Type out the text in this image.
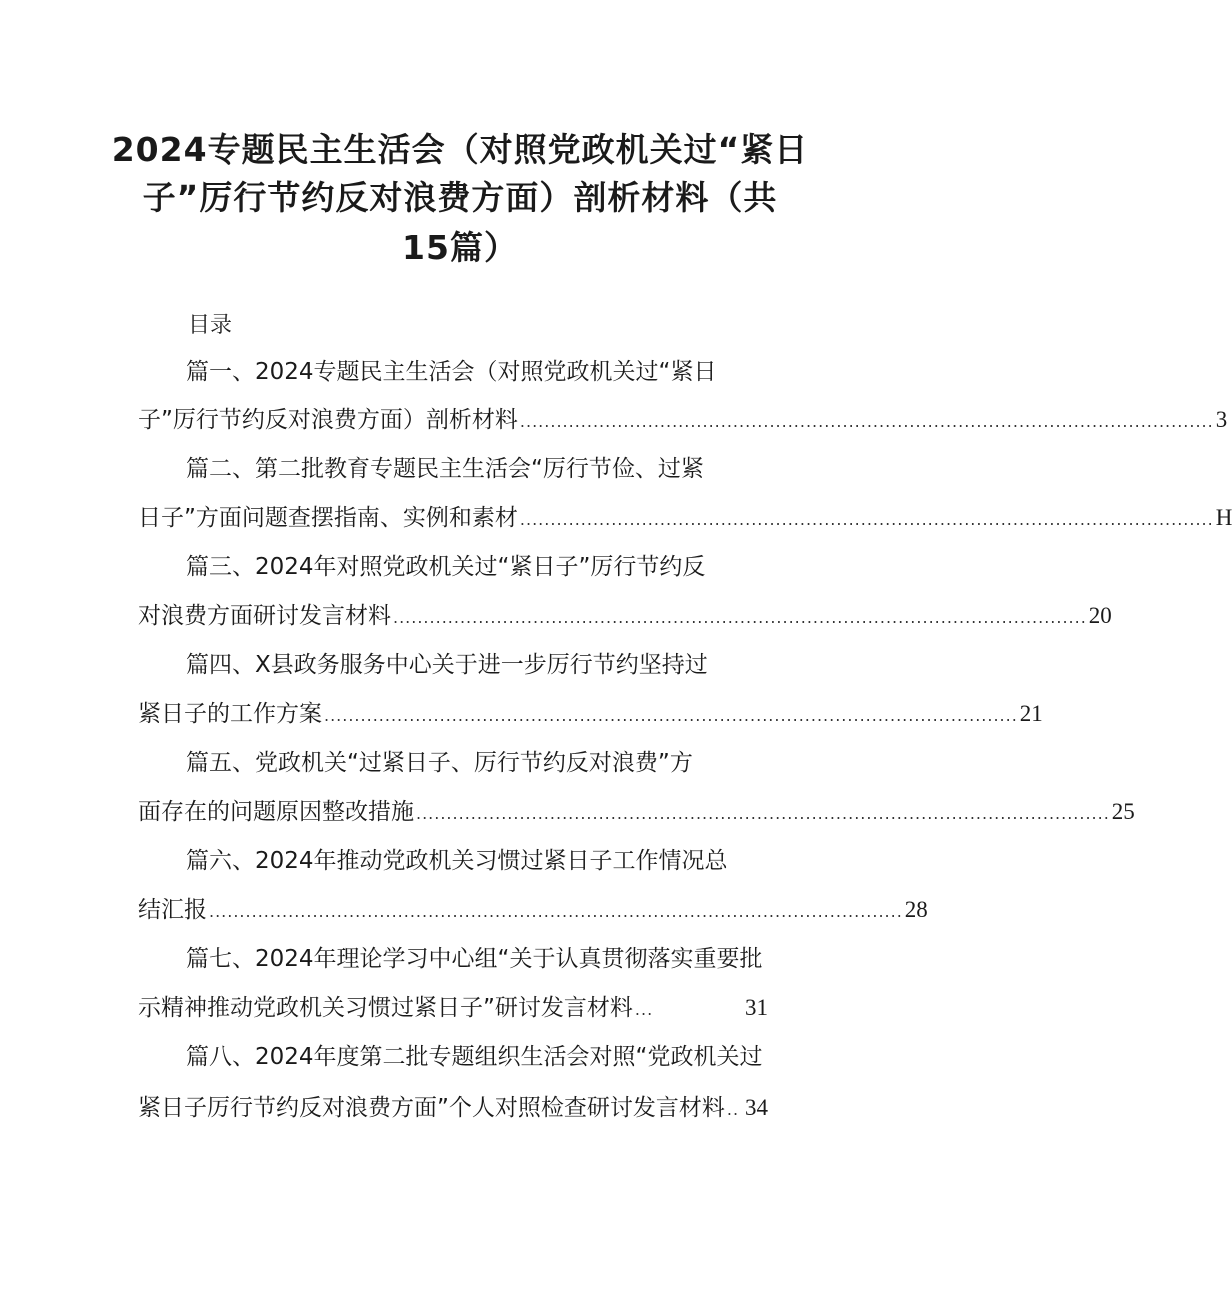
2024专题民主生活会（对照党政机关过“紧日
子”厉行节约反对浪费方面）剖析材料（共
15篇）
目录
篇一、2024专题民主生活会（对照党政机关过“紧日
子”厉行节约反对浪费方面）剖析材料 .................................................................................................................. 3
篇二、第二批教育专题民主生活会“厉行节俭、过紧
日子”方面问题查摆指南、实例和素材 .................................................................................................................. H
篇三、2024年对照党政机关过“紧日子”厉行节约反
对浪费方面研讨发言材料 .................................................................................................................. 20
篇四、X县政务服务中心关于进一步厉行节约坚持过
紧日子的工作方案 .................................................................................................................. 21
篇五、党政机关“过紧日子、厉行节约反对浪费”方
面存在的问题原因整改措施 .................................................................................................................. 25
篇六、2024年推动党政机关习惯过紧日子工作情况总
结汇报 .................................................................................................................. 28
篇七、2024年理论学习中心组“关于认真贯彻落实重要批
示精神推动党政机关习惯过紧日子”研讨发言材料 ...	31
篇八、2024年度第二批专题组织生活会对照“党政机关过
紧日子厉行节约反对浪费方面”个人对照检查研讨发言材料 .. 34
